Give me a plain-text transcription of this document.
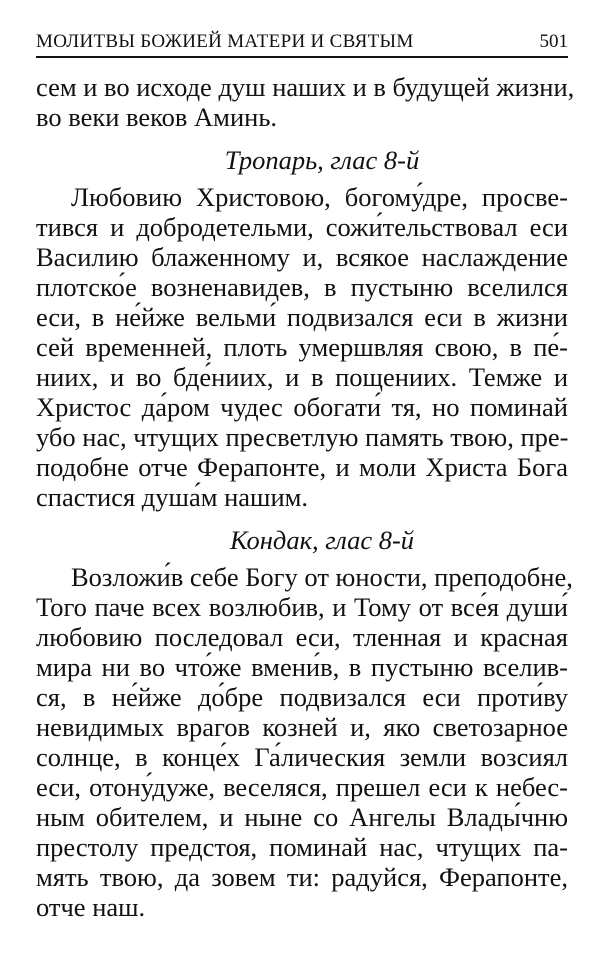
МОЛИТВЫ БОЖИЕЙ МАТЕРИ И СВЯТЫМ	501
сем и во исходе душ наших и в будущей жизни,
во веки веков Аминь.
Тропарь, глас 8-й
Любовию Христовою, богому́дре, просве-
тився и добродетельми, сожи́тельствовал еси
Василию блаженному и, всякое наслаждение
плотско́е возненавидев, в пустыню вселился
еси, в не́йже вельми́ подвизался еси в жизни
сей временней, плоть умершвляя свою, в пе́-
ниих, и во бде́ниих, и в пощениих. Темже и
Христос да́ром чудес обогати́ тя, но поминай
убо нас, чтущих пресветлую память твою, пре-
подобне отче Ферапонте, и моли Христа Бога
спастися душа́м нашим.
Кондак, глас 8-й
Возложи́в себе Богу от юности, преподобне,
Того паче всех возлюбив, и Тому от все́я души́
любовию последовал еси, тленная и красная
мира ни во что́же вмени́в, в пустыню вселив-
ся, в не́йже до́бре подвизался еси проти́ву
невидимых врагов козней и, яко светозарное
солнце, в конце́х Га́лическия земли возсиял
еси, отону́дуже, веселяся, прешел еси к небес-
ным обителем, и ныне со Ангелы Влады́чню
престолу предстоя, поминай нас, чтущих па-
мять твою, да зовем ти: радуйся, Ферапонте,
отче наш.
